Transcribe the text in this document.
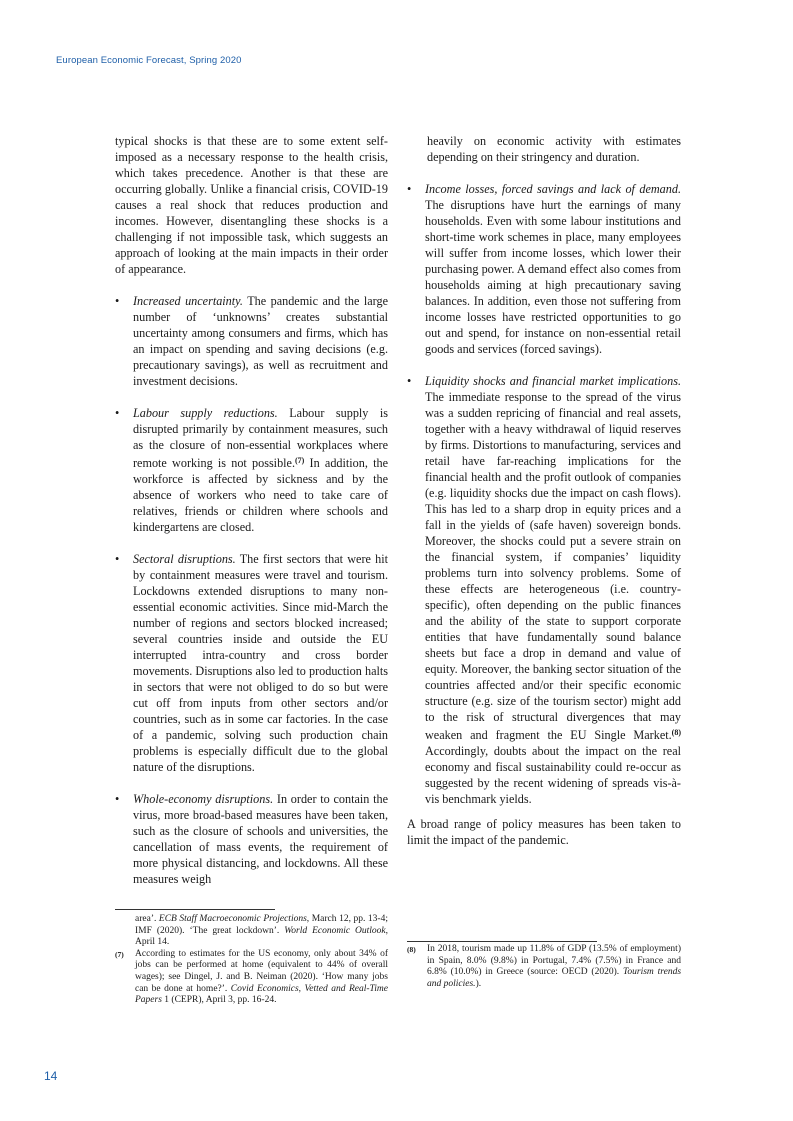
European Economic Forecast, Spring 2020

typical shocks is that these are to some extent self-imposed as a necessary response to the health crisis, which takes precedence. Another is that these are occurring globally. Unlike a financial crisis, COVID-19 causes a real shock that reduces production and incomes. However, disentangling these shocks is a challenging if not impossible task, which suggests an approach of looking at the main impacts in their order of appearance.

• Increased uncertainty. The pandemic and the large number of ‘unknowns’ creates substantial uncertainty among consumers and firms, which has an impact on spending and saving decisions (e.g. precautionary savings), as well as recruitment and investment decisions.
• Labour supply reductions. Labour supply is disrupted primarily by containment measures, such as the closure of non-essential workplaces where remote working is not possible.$^{(7)}$ In addition, the workforce is affected by sickness and by the absence of workers who need to take care of relatives, friends or children where schools and kindergartens are closed.
• Sectoral disruptions. The first sectors that were hit by containment measures were travel and tourism. Lockdowns extended disruptions to many non-essential economic activities. Since mid-March the number of regions and sectors blocked increased; several countries inside and outside the EU interrupted intra-country and cross border movements. Disruptions also led to production halts in sectors that were not obliged to do so but were cut off from inputs from other sectors and/or countries, such as in some car factories. In the case of a pandemic, solving such production chain problems is especially difficult due to the global nature of the disruptions.
• Whole-economy disruptions. In order to contain the virus, more broad-based measures have been taken, such as the closure of schools and universities, the cancellation of mass events, the requirement of more physical distancing, and lockdowns. All these measures weigh

heavily on economic activity with estimates depending on their stringency and duration.

• Income losses, forced savings and lack of demand. The disruptions have hurt the earnings of many households. Even with some labour institutions and short-time work schemes in place, many employees will suffer from income losses, which lower their purchasing power. A demand effect also comes from households aiming at high precautionary saving balances. In addition, even those not suffering from income losses have restricted opportunities to go out and spend, for instance on non-essential retail goods and services (forced savings).
• Liquidity shocks and financial market implications. The immediate response to the spread of the virus was a sudden repricing of financial and real assets, together with a heavy withdrawal of liquid reserves by firms. Distortions to manufacturing, services and retail have far-reaching implications for the financial health and the profit outlook of companies (e.g. liquidity shocks due the impact on cash flows). This has led to a sharp drop in equity prices and a fall in the yields of (safe haven) sovereign bonds. Moreover, the shocks could put a severe strain on the financial system, if companies’ liquidity problems turn into solvency problems. Some of these effects are heterogeneous (i.e. country-specific), often depending on the public finances and the ability of the state to support corporate entities that have fundamentally sound balance sheets but face a drop in demand and value of equity. Moreover, the banking sector situation of the countries affected and/or their specific economic structure (e.g. size of the tourism sector) might add to the risk of structural divergences that may weaken and fragment the EU Single Market.$^{(8)}$ Accordingly, doubts about the impact on the real economy and fiscal sustainability could re-occur as suggested by the recent widening of spreads vis-à-vis benchmark yields.

A broad range of policy measures has been taken to limit the impact of the pandemic.

area’. ECB Staff Macroeconomic Projections, March 12, pp. 13-4; IMF (2020). ‘The great lockdown’. World Economic Outlook, April 14.
(7)	According to estimates for the US economy, only about 34% of jobs can be performed at home (equivalent to 44% of overall wages); see Dingel, J. and B. Neiman (2020). ‘How many jobs can be done at home?’. Covid Economics, Vetted and Real-Time Papers 1 (CEPR), April 3, pp. 16-24.
(8)	In 2018, tourism made up 11.8% of GDP (13.5% of employment) in Spain, 8.0% (9.8%) in Portugal, 7.4% (7.5%) in France and 6.8% (10.0%) in Greece (source: OECD (2020). Tourism trends and policies.).
14
